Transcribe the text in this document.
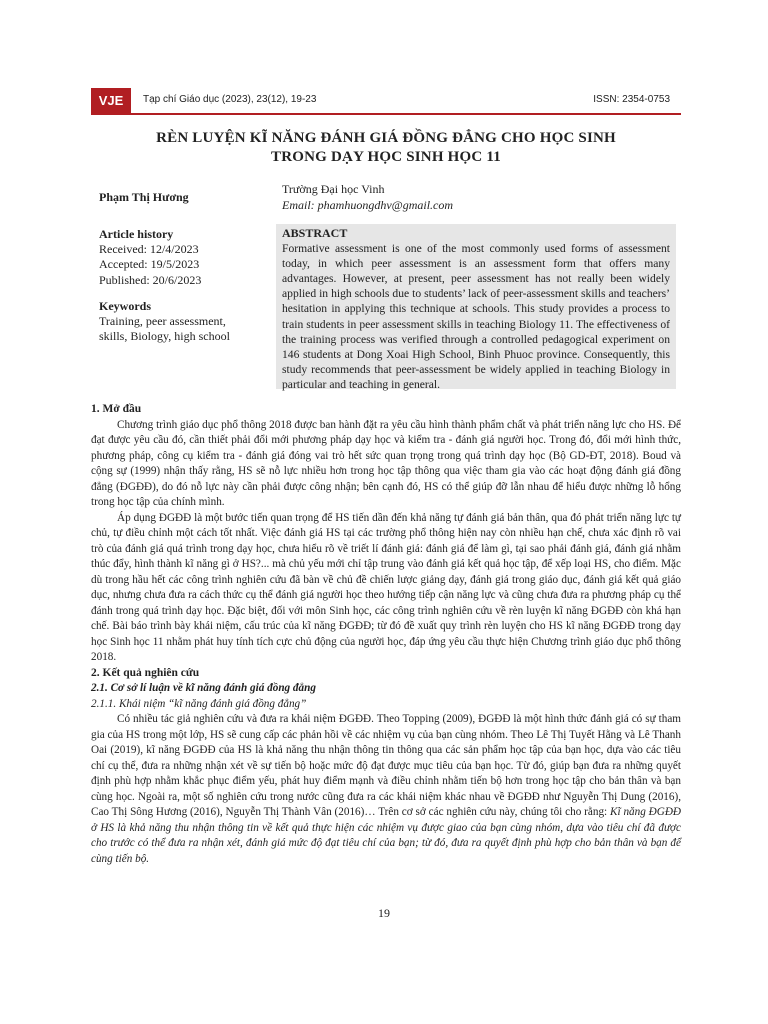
VJE	Tạp chí Giáo dục (2023), 23(12), 19-23	ISSN: 2354-0753
RÈN LUYỆN KĨ NĂNG ĐÁNH GIÁ ĐỒNG ĐẲNG CHO HỌC SINH
TRONG DẠY HỌC SINH HỌC 11
Phạm Thị Hương
Trường Đại học Vinh
Email: phamhuongdhv@gmail.com
Article history
Received: 12/4/2023
Accepted: 19/5/2023
Published: 20/6/2023
Keywords
Training, peer assessment,
skills, Biology, high school
ABSTRACT
Formative assessment is one of the most commonly used forms of assessment today, in which peer assessment is an assessment form that offers many advantages. However, at present, peer assessment has not really been widely applied in high schools due to students’ lack of peer-assessment skills and teachers’ hesitation in applying this technique at schools. This study provides a process to train students in peer assessment skills in teaching Biology 11. The effectiveness of the training process was verified through a controlled pedagogical experiment on 146 students at Dong Xoai High School, Binh Phuoc province. Consequently, this study recommends that peer-assessment be widely applied in teaching Biology in particular and teaching in general.
1. Mở đầu

Chương trình giáo dục phổ thông 2018 được ban hành đặt ra yêu cầu hình thành phẩm chất và phát triển năng lực cho HS. Để đạt được yêu cầu đó, cần thiết phải đổi mới phương pháp dạy học và kiểm tra - đánh giá người học. Trong đó, đổi mới hình thức, phương pháp, công cụ kiểm tra - đánh giá đóng vai trò hết sức quan trọng trong quá trình dạy học (Bộ GD-ĐT, 2018). Boud và cộng sự (1999) nhận thấy rằng, HS sẽ nỗ lực nhiều hơn trong học tập thông qua việc tham gia vào các hoạt động đánh giá đồng đẳng (ĐGĐĐ), do đó nỗ lực này cần phải được công nhận; bên cạnh đó, HS có thể giúp đỡ lẫn nhau để hiểu được những lỗ hổng trong học tập của chính mình.

Áp dụng ĐGĐĐ là một bước tiến quan trọng để HS tiến dần đến khả năng tự đánh giá bản thân, qua đó phát triển năng lực tự chủ, tự điều chỉnh một cách tốt nhất. Việc đánh giá HS tại các trường phổ thông hiện nay còn nhiều hạn chế, chưa xác định rõ vai trò của đánh giá quá trình trong dạy học, chưa hiểu rõ về triết lí đánh giá: đánh giá để làm gì, tại sao phải đánh giá, đánh giá nhằm thúc đẩy, hình thành kĩ năng gì ở HS?... mà chủ yếu mới chỉ tập trung vào đánh giá kết quả học tập, để xếp loại HS, cho điểm. Mặc dù trong hầu hết các công trình nghiên cứu đã bàn về chủ đề chiến lược giảng dạy, đánh giá trong giáo dục, đánh giá kết quả giáo dục, nhưng chưa đưa ra cách thức cụ thể đánh giá người học theo hướng tiếp cận năng lực và cũng chưa đưa ra phương pháp cụ thể đánh trong quá trình dạy học. Đặc biệt, đối với môn Sinh học, các công trình nghiên cứu về rèn luyện kĩ năng ĐGĐĐ còn khá hạn chế. Bài báo trình bày khái niệm, cấu trúc của kĩ năng ĐGĐĐ; từ đó đề xuất quy trình rèn luyện cho HS kĩ năng ĐGĐĐ trong dạy học Sinh học 11 nhằm phát huy tính tích cực chủ động của người học, đáp ứng yêu cầu thực hiện Chương trình giáo dục phổ thông 2018.

2. Kết quả nghiên cứu
2.1. Cơ sở lí luận về kĩ năng đánh giá đồng đẳng
2.1.1. Khái niệm “kĩ năng đánh giá đồng đẳng”

Có nhiều tác giả nghiên cứu và đưa ra khái niệm ĐGĐĐ. Theo Topping (2009), ĐGĐĐ là một hình thức đánh giá có sự tham gia của HS trong một lớp, HS sẽ cung cấp các phản hồi về các nhiệm vụ của bạn cùng nhóm. Theo Lê Thị Tuyết Hằng và Lê Thanh Oai (2019), kĩ năng ĐGĐĐ của HS là khả năng thu nhận thông tin thông qua các sản phẩm học tập của bạn học, dựa vào các tiêu chí cụ thể, đưa ra những nhận xét về sự tiến bộ hoặc mức độ đạt được mục tiêu của bạn học. Từ đó, giúp bạn đưa ra những quyết định phù hợp nhằm khắc phục điểm yếu, phát huy điểm mạnh và điều chỉnh nhằm tiến bộ hơn trong học tập cho bản thân và bạn cùng học. Ngoài ra, một số nghiên cứu trong nước cũng đưa ra các khái niệm khác nhau về ĐGĐĐ như Nguyễn Thị Dung (2016), Cao Thị Sông Hương (2016), Nguyễn Thị Thành Vân (2016)… Trên cơ sở các nghiên cứu này, chúng tôi cho rằng: Kĩ năng ĐGĐĐ ở HS là khả năng thu nhận thông tin về kết quả thực hiện các nhiệm vụ được giao của bạn cùng nhóm, dựa vào tiêu chí đã được cho trước có thể đưa ra nhận xét, đánh giá mức độ đạt tiêu chí của bạn; từ đó, đưa ra quyết định phù hợp cho bản thân và bạn để cùng tiến bộ.

19
